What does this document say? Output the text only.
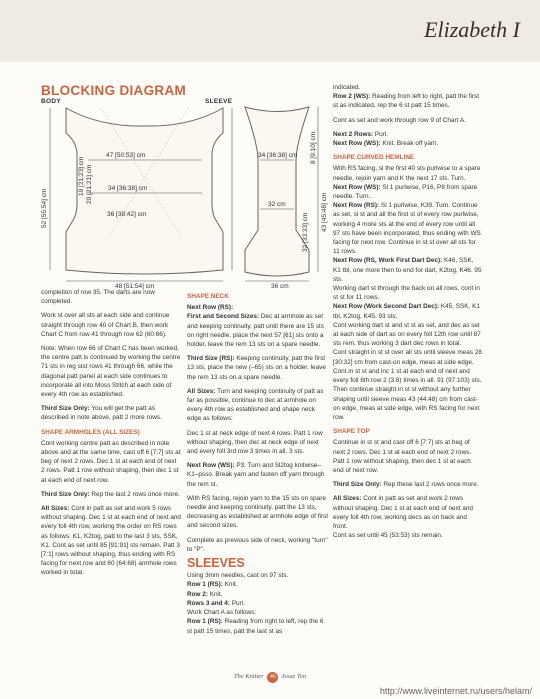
Elizabeth I
BLOCKING DIAGRAM
BODY	SLEEVE
47 [50:53] cm
34 [36:38] cm
36 [38:42] cm
48 [51:54] cm
52 [55:54] cm
19 [21:23] cm 20 [21:21] cm
34 [36:38] cm
32 cm
36 cm
8 [9:10] cm
32 [33:33] cm
43 [45:48] cm

completion of row 35. The darts are now completed.

Work st over all sts at each side and continue straight through row 40 of Chart B, then work Chart C from row 41 through row 62 (60:66).

Note: When row 66 of Chart C has been worked, the centre patt is continued by working the centre 71 sts in reg stst rows 41 through 66, while the diagonal patt panel at each side continues to incorporate all into Moss Stitch at each side of every 4th row as established.

Third Size Only: You will get the patt as described in note above, patt 2 more rows.

SHAPE ARMHOLES (ALL SIZES)

Cont working centre patt as described in note above and at the same time, cast off 6 [7:7] sts at beg of next 2 rows. Dec 1 st at each end of next 2 rows. Patt 1 row without shaping, then dec 1 st at each end of next row.

Third Size Only: Rep the last 2 rows once more.

All Sizes: Cont in patt as set and work 5 rows without shaping. Dec 1 st at each end of next and every foll 4th row, working the order on RS rows as follows: K1, K2tog, patt to the last 3 sts, SSK, K1. Cont as set until 85 [91:91] sts remain. Patt 3 [7:1] rows without shaping, thus ending with RS facing for next row and 60 (64:68) armhole rows worked in total.

SHAPE NECK

Next Row (RS):

First and Second Sizes: Dec at armhole as set and keeping continuity, patt until there are 15 sts on right needle, place the next 57 [61] sts onto a holder, leave the rem 13 sts on a spare needle.

Third Size (RS): Keeping continuity, patt the first 13 sts, place the new (–65) sts on a holder, leave the rem 13 sts on a spare needle.

All Sizes: Turn and keeping continuity of patt as far as possible, continue to dec at armhole on every 4th row as established and shape neck edge as follows:

Dec 1 st at neck edge of next 4 rows. Patt 1 row without shaping, then dec at neck edge of next and every foll 3rd row 3 times in all. 3 sts.

Next Row (WS): P3. Turn and Sl2tog knitwise–K1–psso. Break yarn and fasten off yarn through the rem st.

With RS facing, rejoin yarn to the 15 sts on spare needle and keeping continuity, patt the 13 sts, decreasing as established at armhole edge of first and second sizes.

Complete as previous side of neck, working "turn" to "P".

SLEEVES

Using 3mm needles, cast on 97 sts.

Row 1 (RS): Knit.
Row 2: Knit.
Rows 3 and 4: Purl.
Work Chart A as follows:
Row 1 (RS): Reading from right to left, rep the 6 st patt 15 times, patt the last st as

indicated.

Row 2 (WS): Reading from left to right, patt the first st as indicated, rep the 6 st patt 15 times.

Cont as set and work through row 9 of Chart A.

Next 2 Rows: Purl.

Next Row (WS): Knit. Break off yarn.

SHAPE CURVED HEMLINE

With RS facing, sl the first 40 sts purlwise to a spare needle, rejoin yarn and K the next 17 sts. Turn.

Next Row (WS): Sl 1 purlwise, P16, P8 from spare needle. Turn.

Next Row (RS): Sl 1 purlwise, K39. Turn. Continue as set, sl st and all the first st of every row purlwise, working 4 more sts at the end of every row until all 97 sts have been incorporated, thus ending with WS facing for next row. Continue in st st over all sts for 11 rows.

Next Row (RS, Work First Dart Dec): K46, SSK, K1 tbl, one more then to end for dart, K2tog, K46. 95 sts.

Working dart st through the back on all rows, cont in st st for 11 rows.

Next Row (Work Second Dart Dec): K45, SSK, K1 tbl, K2tog, K45. 93 sts.

Cont working dart st and st st as set, and dec as set at each side of dart as on every foll 12th row until 87 sts rem, thus working 3 dart dec rows in total.

Cont straight in st st over all sts until sleeve meas 28 [30:32] cm from cast-on edge, meas at side edge.

Cont in st st and inc 1 st at each end of next and every foll 6th row 2 (3:8) times in all. 91 (97:103) sts.

Then continue straight in st st without any further shaping until sleeve meas 43 (44:48) cm from cast-on edge, meas at side edge, with RS facing for next row.

SHAPE TOP

Continue in st st and cast off 6 [7:7] sts at beg of next 2 rows. Dec 1 st at each end of next 2 rows. Patt 1 row without shaping, then dec 1 st at each end of next row.

Third Size Only: Rep these last 2 rows once more.

All Sizes: Cont in patt as set and work 2 rows without shaping. Dec 1 st at each end of next and every foll 4th row, working decs as on back and front.

Cont as set until 45 (53:53) sts remain.

The Knitter 46 Issue Ten
http://www.liveinternet.ru/users/helam/
